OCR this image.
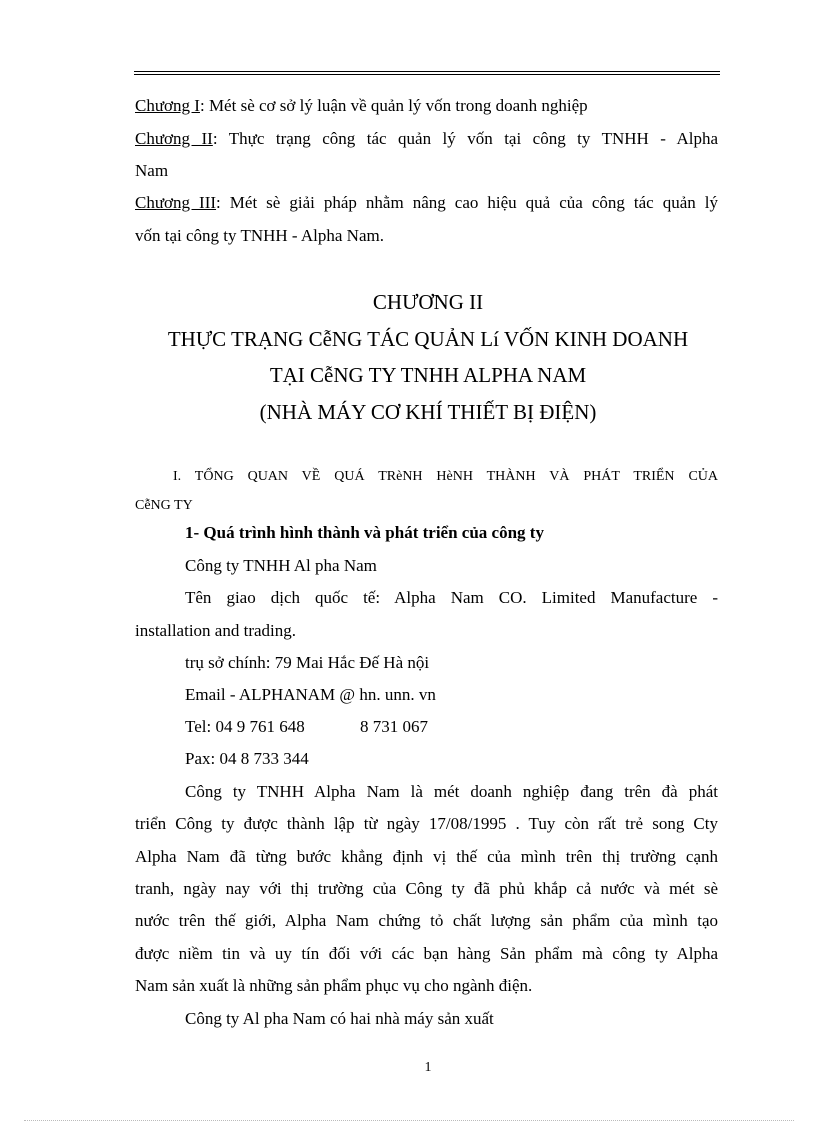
Chương I: Mét sè cơ sở lý luận về quản lý vốn trong doanh nghiệp
Chương II: Thực trạng công tác quản lý vốn tại công ty TNHH - Alpha
Nam
Chương III: Mét sè giải pháp nhằm nâng cao hiệu quả của công tác quản lý
vốn tại công ty TNHH - Alpha Nam.
CHƯƠNG II
THỰC TRẠNG CễNG TÁC QUẢN Lí VỐN KINH DOANH
TẠI CễNG TY TNHH ALPHA NAM
(NHÀ MÁY CƠ KHÍ THIẾT BỊ ĐIỆN)
I. TỔNG QUAN VỀ QUÁ TRèNH HèNH THÀNH VÀ PHÁT TRIỂN CỦA
CễNG TY
1- Quá trình hình thành và phát triển của công ty
Công ty TNHH Al pha Nam
Tên giao dịch quốc tế: Alpha Nam CO. Limited Manufacture -
installation and trading.
trụ sở chính: 79 Mai Hắc Đế Hà nội
Email - ALPHANAM @ hn. unn. vn
Tel: 04 9 761 648	8 731 067
Pax: 04 8 733 344
Công ty TNHH Alpha Nam là mét doanh nghiệp đang trên đà phát
triển Công ty được thành lập từ ngày 17/08/1995 . Tuy còn rất trẻ song Cty
Alpha Nam đã từng bước khẳng định vị thế của mình trên thị trường cạnh
tranh, ngày nay với thị trường của Công ty đã phủ khắp cả nước và mét sè
nước trên thế giới, Alpha Nam chứng tỏ chất lượng sản phẩm của mình tạo
được niềm tin và uy tín đối với các bạn hàng Sản phẩm mà công ty Alpha
Nam sản xuất là những sản phẩm phục vụ cho ngành điện.
Công ty Al pha Nam có hai nhà máy sản xuất
1
